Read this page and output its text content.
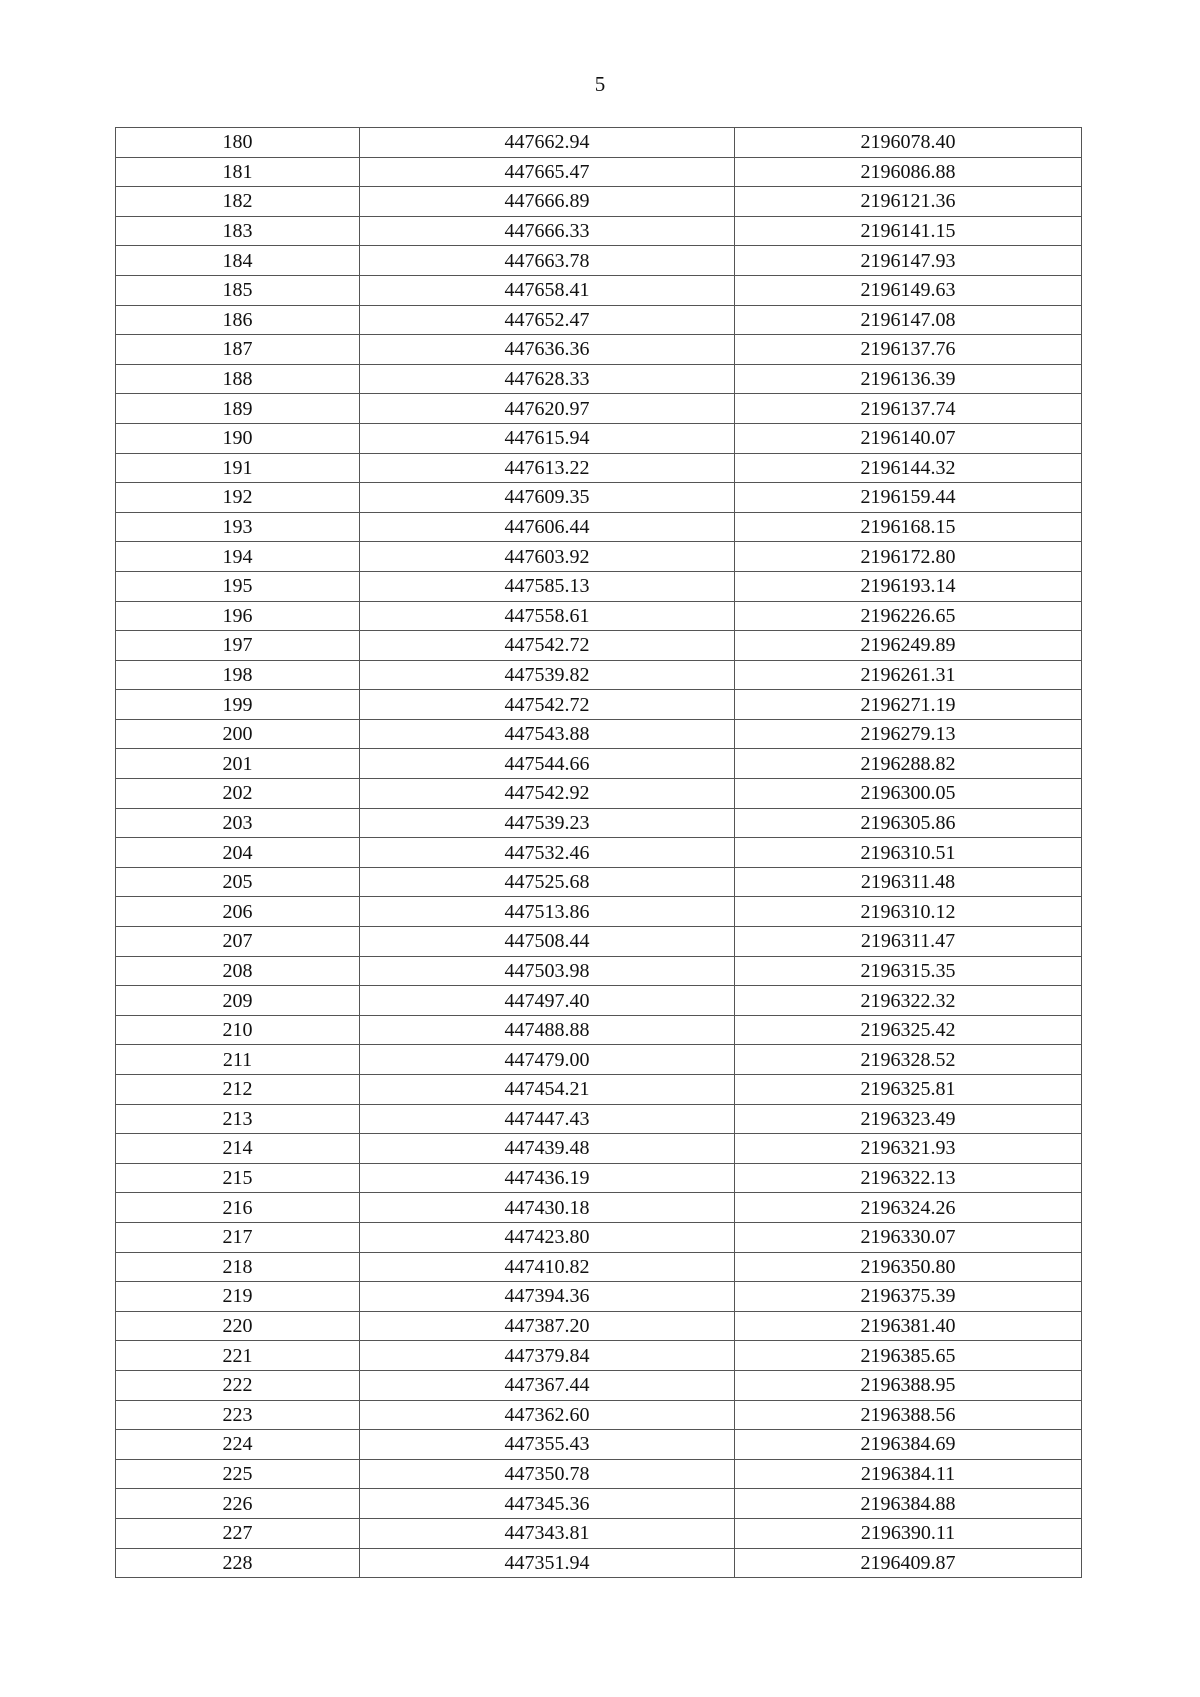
5
180	447662.94	2196078.40
181	447665.47	2196086.88
182	447666.89	2196121.36
183	447666.33	2196141.15
184	447663.78	2196147.93
185	447658.41	2196149.63
186	447652.47	2196147.08
187	447636.36	2196137.76
188	447628.33	2196136.39
189	447620.97	2196137.74
190	447615.94	2196140.07
191	447613.22	2196144.32
192	447609.35	2196159.44
193	447606.44	2196168.15
194	447603.92	2196172.80
195	447585.13	2196193.14
196	447558.61	2196226.65
197	447542.72	2196249.89
198	447539.82	2196261.31
199	447542.72	2196271.19
200	447543.88	2196279.13
201	447544.66	2196288.82
202	447542.92	2196300.05
203	447539.23	2196305.86
204	447532.46	2196310.51
205	447525.68	2196311.48
206	447513.86	2196310.12
207	447508.44	2196311.47
208	447503.98	2196315.35
209	447497.40	2196322.32
210	447488.88	2196325.42
211	447479.00	2196328.52
212	447454.21	2196325.81
213	447447.43	2196323.49
214	447439.48	2196321.93
215	447436.19	2196322.13
216	447430.18	2196324.26
217	447423.80	2196330.07
218	447410.82	2196350.80
219	447394.36	2196375.39
220	447387.20	2196381.40
221	447379.84	2196385.65
222	447367.44	2196388.95
223	447362.60	2196388.56
224	447355.43	2196384.69
225	447350.78	2196384.11
226	447345.36	2196384.88
227	447343.81	2196390.11
228	447351.94	2196409.87
